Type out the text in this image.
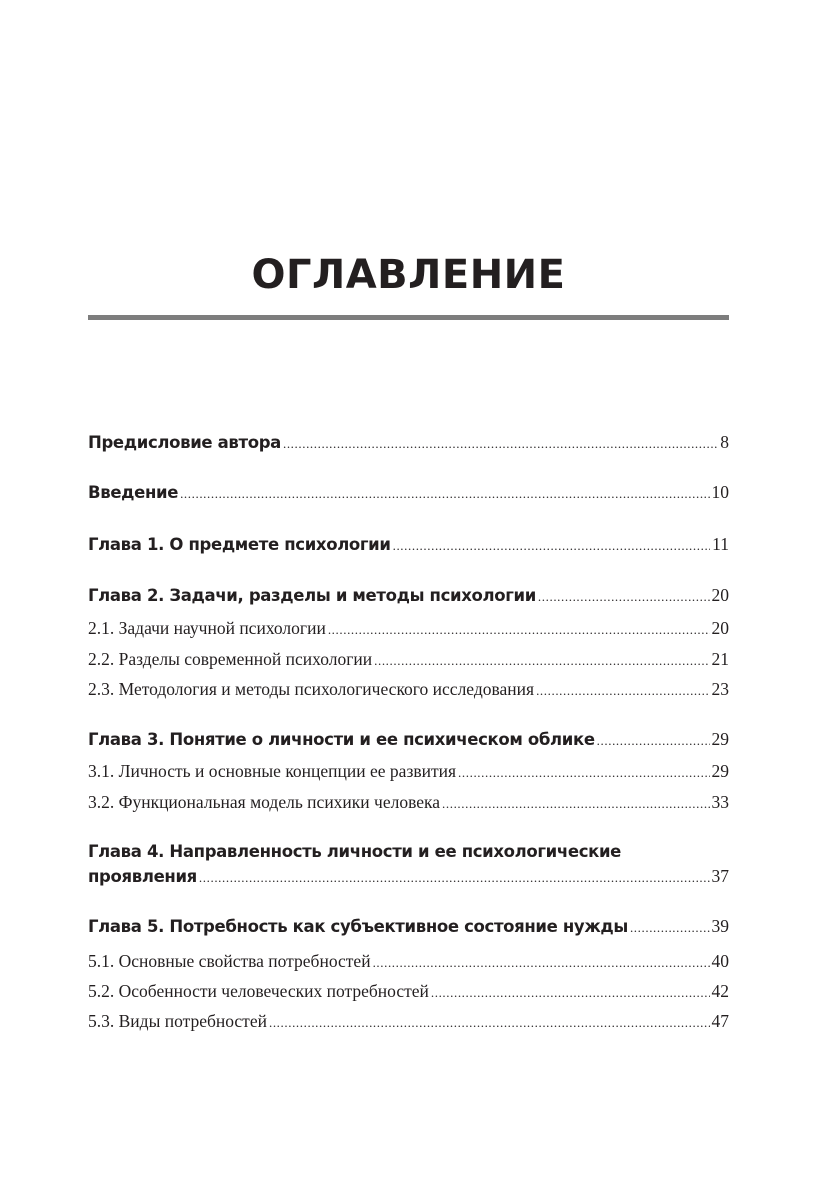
ОГЛАВЛЕНИЕ
Предисловие автора .....	8
Введение .....	10
Глава 1. О предмете психологии .....	11
Глава 2. Задачи, разделы и методы психологии .....	20
2.1. Задачи научной психологии .....	20
2.2. Разделы современной психологии .....	21
2.3. Методология и методы психологического исследования .....	23
Глава 3. Понятие о личности и ее психическом облике .....	29
3.1. Личность и основные концепции ее развития .....	29
3.2. Функциональная модель психики человека .....	33
Глава 4. Направленность личности и ее психологические
проявления .....	37
Глава 5. Потребность как субъективное состояние нужды .....	39
5.1. Основные свойства потребностей .....	40
5.2. Особенности человеческих потребностей .....	42
5.3. Виды потребностей .....	47
